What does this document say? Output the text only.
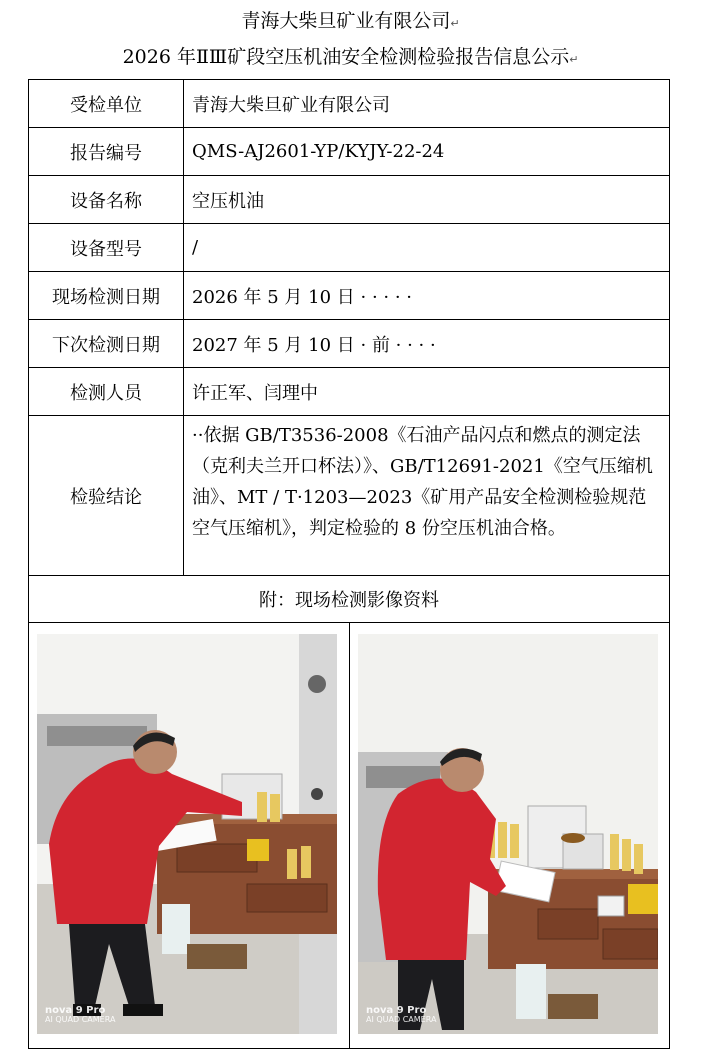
青海大柴旦矿业有限公司↵
2026 年ⅡⅢ矿段空压机油安全检测检验报告信息公示↵
受检单位	青海大柴旦矿业有限公司
报告编号	QMS-AJ2601-YP/KYJY-22-24
设备名称	空压机油
设备型号	/
现场检测日期	2026 年 5 月 10 日 · · · · ·
下次检测日期	2027 年 5 月 10 日 · 前 · · · ·
检测人员	许正军、闫理中
检验结论	··依据 GB/T3536-2008《石油产品闪点和燃点的测定法（克利夫兰开口杯法）》、GB/T12691-2021《空气压缩机油》、MT / T·1203—2023《矿用产品安全检测检验规范空气压缩机》，判定检验的 8 份空压机油合格。
附：现场检测影像资料	

nova 9 Pro
AI QUAD CAMERA
nova 9 Pro
AI QUAD CAMERA	
